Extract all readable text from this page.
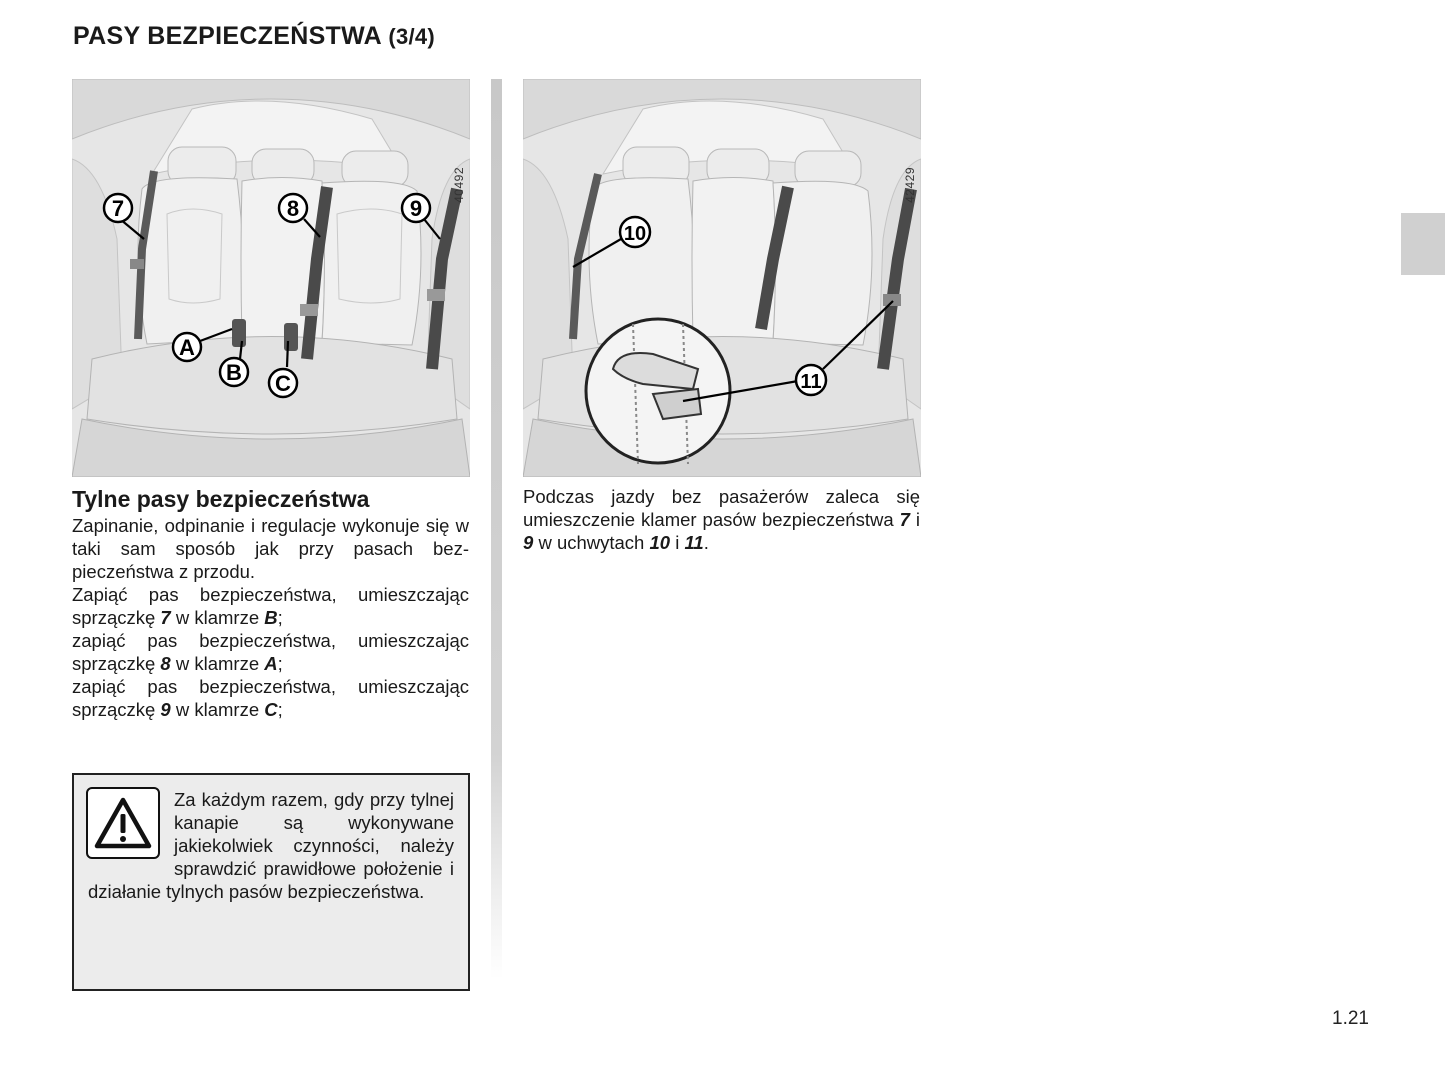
PASY BEZPIECZEŃSTWA (3/4)
7	8	9
A
B C
40492
10
11
42429
Tylne pasy bezpieczeństwa

Zapinanie, odpinanie i regulacje wykonuje się w taki sam sposób jak przy pasach bezpieczeństwa z przodu.

Zapiąć pas bezpieczeństwa, umieszczając sprzączkę 7 w klamrze B;

zapiąć pas bezpieczeństwa, umieszczając sprzączkę 8 w klamrze A;

zapiąć pas bezpieczeństwa, umieszczając sprzączkę 9 w klamrze C;

Za każdym razem, gdy przy tylnej kanapie są wykonywane jakiekolwiek czynności, należy sprawdzić prawidłowe położenie i działanie tylnych pasów bezpieczeństwa.

Podczas jazdy bez pasażerów zaleca się umieszczenie klamer pasów bezpieczeństwa 7 i 9 w uchwytach 10 i 11.

1.21
